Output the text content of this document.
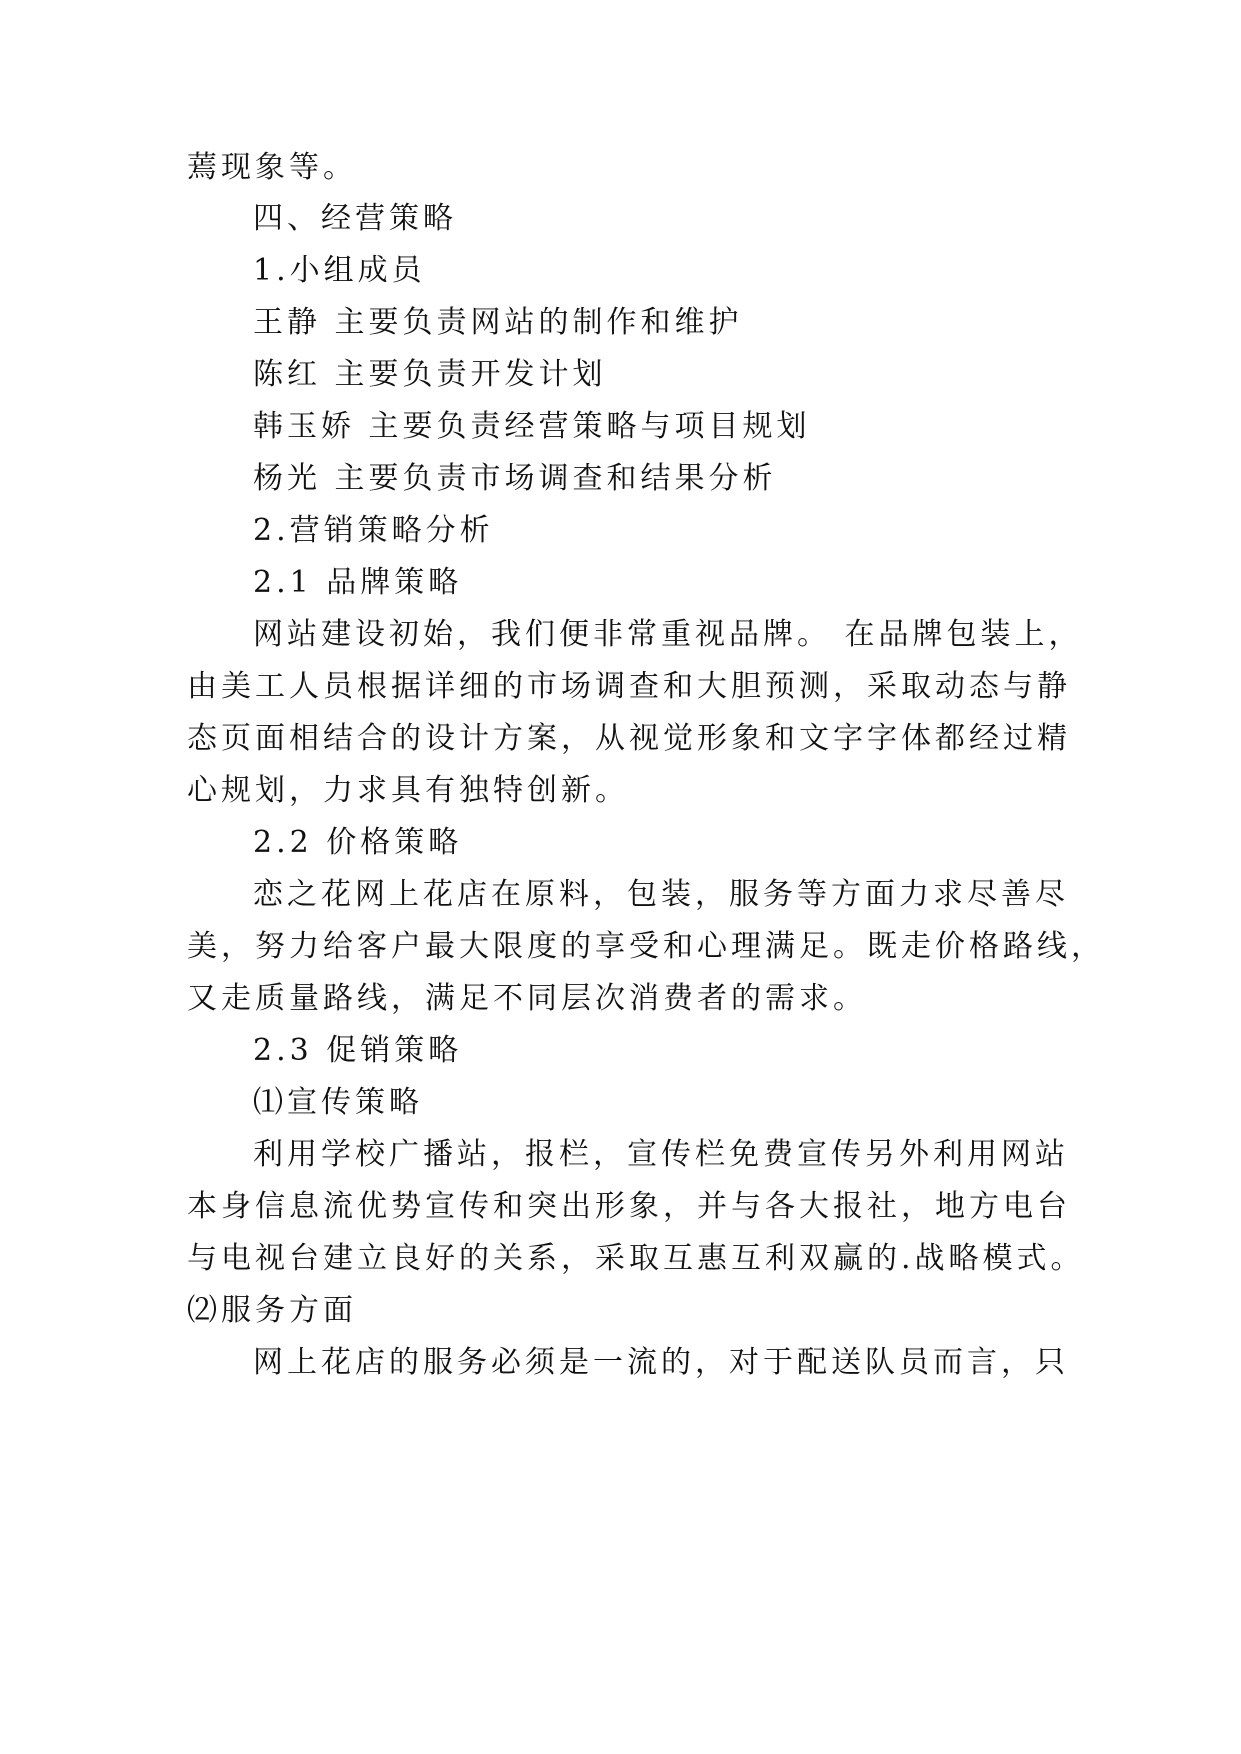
蔫现象等。
四、经营策略
1.小组成员
王静 主要负责网站的制作和维护
陈红 主要负责开发计划
韩玉娇 主要负责经营策略与项目规划
杨光 主要负责市场调查和结果分析
2.营销策略分析
2.1 品牌策略
网站建设初始，我们便非常重视品牌。 在品牌包装上，
由美工人员根据详细的市场调查和大胆预测，采取动态与静
态页面相结合的设计方案，从视觉形象和文字字体都经过精
心规划，力求具有独特创新。
2.2 价格策略
恋之花网上花店在原料，包装，服务等方面力求尽善尽
美，努力给客户最大限度的享受和心理满足。既走价格路线，
又走质量路线，满足不同层次消费者的需求。
2.3 促销策略
⑴宣传策略
利用学校广播站，报栏，宣传栏免费宣传另外利用网站
本身信息流优势宣传和突出形象，并与各大报社，地方电台
与电视台建立良好的关系，采取互惠互利双赢的.战略模式。
⑵服务方面
网上花店的服务必须是一流的，对于配送队员而言，只
